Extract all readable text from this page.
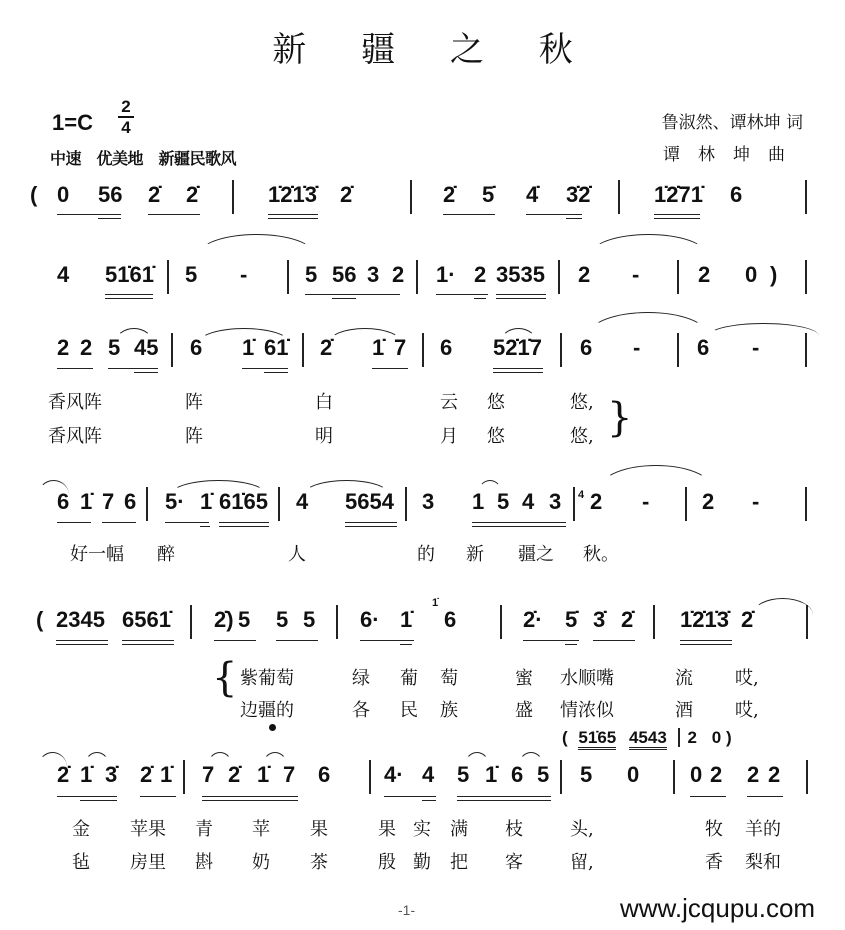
新 疆 之 秋
1=C
2
4
中速　优美地　新疆民歌风
鲁淑然、谭林坤 词
谭林坤曲
( 0 56 2̇ 2̇	1̇2̇1̇3̇ 2̇	2̇ 5̇ 4̇ 3̇2̇	1̇2̇71̇ 6
4 51̇61̇ 5 -	5 56 3 2 1· 2 3535 2 -	2 0 )
2 2 5 45 6 1̇ 61̇ 2̇ 1̇ 7 6 52̇1̇7 6 -	6 -
6 1̇ 7 6 5· 1̇ 61̇65 4 5654 3 1 5 4 3 2 - 2 -
4
( 2345 6561̇ 2̇) 5 5 5 6· 1̇ 6	2̇· 5̇ 3̇ 2̇ 1̇2̇1̇3̇ 2̇
1̇
2̇ 1̇ 3̇ 2̇ 1̇ 7 2̇ 1̇ 7 6 4· 4 5 1̇ 6 5 5 0 0 2 2 2
香风阵	阵	白	云 悠	悠,
香风阵	阵	明	月 悠	悠,
好一幅 醉	人	的 新 疆之 秋。
紫葡萄	绿 葡 萄	蜜 水顺嘴	流 哎,
边疆的	各 民 族	盛 情浓似	酒 哎,
金 苹果 青 苹 果	果 实 满 枝	头,	牧 羊的
毡 房里 斟 奶 茶	殷 勤 把 客	留,	香 梨和
}
{
( 51̇65 4543 2 0 )
-1-	www.jcqupu.com
